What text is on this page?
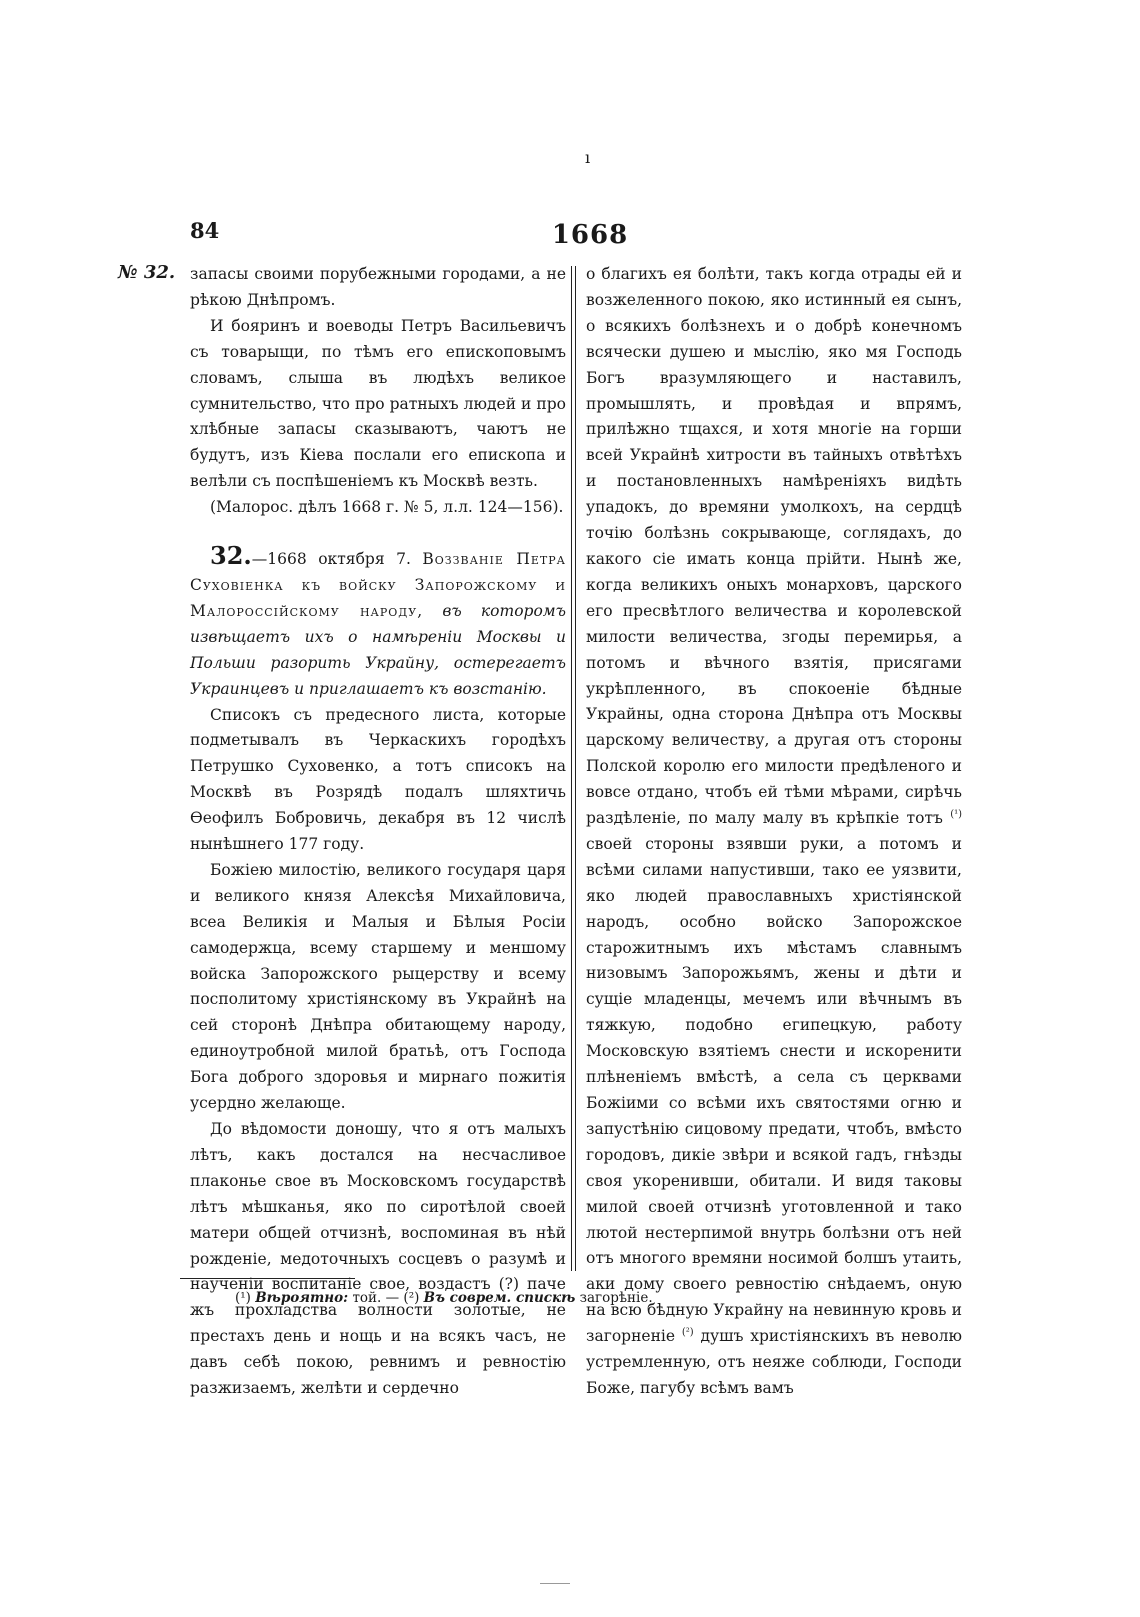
ı
84	1668
№ 32. запасы своими порубежными городами, а не рѣкою Днѣпромъ.

И бояринъ и воеводы Петръ Васильевичъ съ товарыщи, по тѣмъ его епископовымъ словамъ, слыша въ людѣхъ великое сумнительство, что про ратныхъ людей и про хлѣбные запасы сказываютъ, чаютъ не будутъ, изъ Кiева послали его епископа и велѣли съ поспѣшенiемъ къ Москвѣ везть.

(Малорос. дѣлъ 1668 г. № 5, л.л. 124—156).

32.—1668 октября 7. Воззванiе Петра Суховiенка къ войску Запорожскому и Малороссiйскому народу, въ которомъ извѣщаетъ ихъ о намѣренiи Москвы и Польши разорить Украйну, остерегаетъ Украинцевъ и приглашаетъ къ возстанiю.

Списокъ съ предесного листа, которые подметывалъ въ Черкаскихъ городѣхъ Петрушко Суховенко, а тотъ списокъ на Москвѣ въ Розрядѣ подалъ шляхтичь Ѳеофилъ Бобровичь, декабря въ 12 числѣ нынѣшнего 177 году.

Божiею милостiю, великого государя царя и великого князя Алексѣя Михайловича, всеа Великiя и Малыя и Бѣлыя Росiи самодержца, всему старшему и меншому войска Запорожского рыцерству и всему посполитому христiянскому въ Украйнѣ на сей сторонѣ Днѣпра обитающему народу, единоутробной милой братьѣ, отъ Господа Бога доброго здоровья и мирнаго пожитiя усердно желающе.

До вѣдомости доношу, что я отъ малыхъ лѣтъ, какъ достался на несчасливое плаконье свое въ Московскомъ государствѣ лѣтъ мѣшканья, яко по сиротѣлой своей матери общей отчизнѣ, воспоминая въ нѣй рожденiе, медоточныхъ сосцевъ о разумѣ и наученiи воспитанiе свое, воздастъ (?) паче жъ прохладства волности золотые, не престахъ день и нощь и на всякъ часъ, не давъ себѣ покою, ревнимъ и ревностiю разжизаемъ, желѣти и сердечно

о благихъ ея болѣти, такъ когда отрады ей и возжеленного покою, яко истинный ея сынъ, о всякихъ болѣзнехъ и о добрѣ конечномъ всячески душею и мыслiю, яко мя Господь Богъ вразумляющего и наставилъ, промышлять, и провѣдая и впрямъ, прилѣжно тщахся, и хотя многiе на горши всей Украйнѣ хитрости въ тайныхъ отвѣтѣхъ и постановленныхъ намѣренiяхъ видѣть упадокъ, до времяни умолкохъ, на сердцѣ точiю болѣзнь сокрывающе, соглядахъ, до какого сiе имать конца прiйти. Нынѣ же, когда великихъ оныхъ монарховъ, царского его пресвѣтлого величества и королевской милости величества, згоды перемирья, а потомъ и вѣчного взятiя, присягами укрѣпленного, въ спокоенiе бѣдные Украйны, одна сторона Днѣпра отъ Москвы царскому величеству, а другая отъ стороны Полской королю его милости предѣленого и вовсе отдано, чтобъ ей тѣми мѣрами, сирѣчь раздѣленiе, по малу малу въ крѣпкiе тотъ $^{(^1)}$ своей стороны взявши руки, а потомъ и всѣми силами напустивши, тако ее уязвити, яко людей православныхъ христiянской народъ, особно войско Запорожское старожитнымъ ихъ мѣстамъ славнымъ низовымъ Запорожьямъ, жены и дѣти и сущiе младенцы, мечемъ или вѣчнымъ въ тяжкую, подобно египецкую, работу Московскую взятiемъ снести и искоренити плѣненiемъ вмѣстѣ, а села съ церквами Божiими со всѣми ихъ святостями огню и запустѣнiю сицовому предати, чтобъ, вмѣсто городовъ, дикiе звѣри и всякой гадъ, гнѣзды своя укоренивши, обитали. И видя таковы милой своей отчизнѣ уготовленной и тако лютой нестерпимой внутрь болѣзни отъ ней отъ многого времяни носимой болшъ утаить, аки дому своего ревностiю снѣдаемъ, оную на всю бѣдную Украйну на невинную кровь и загорненiе $^{(^2)}$ душъ христiянскихъ въ неволю устремленную, отъ неяже соблюди, Господи Боже, пагубу всѣмъ вамъ

(¹) Вѣроятно: той. — (²) Въ соврем. спискѣ загорѣнiе.
